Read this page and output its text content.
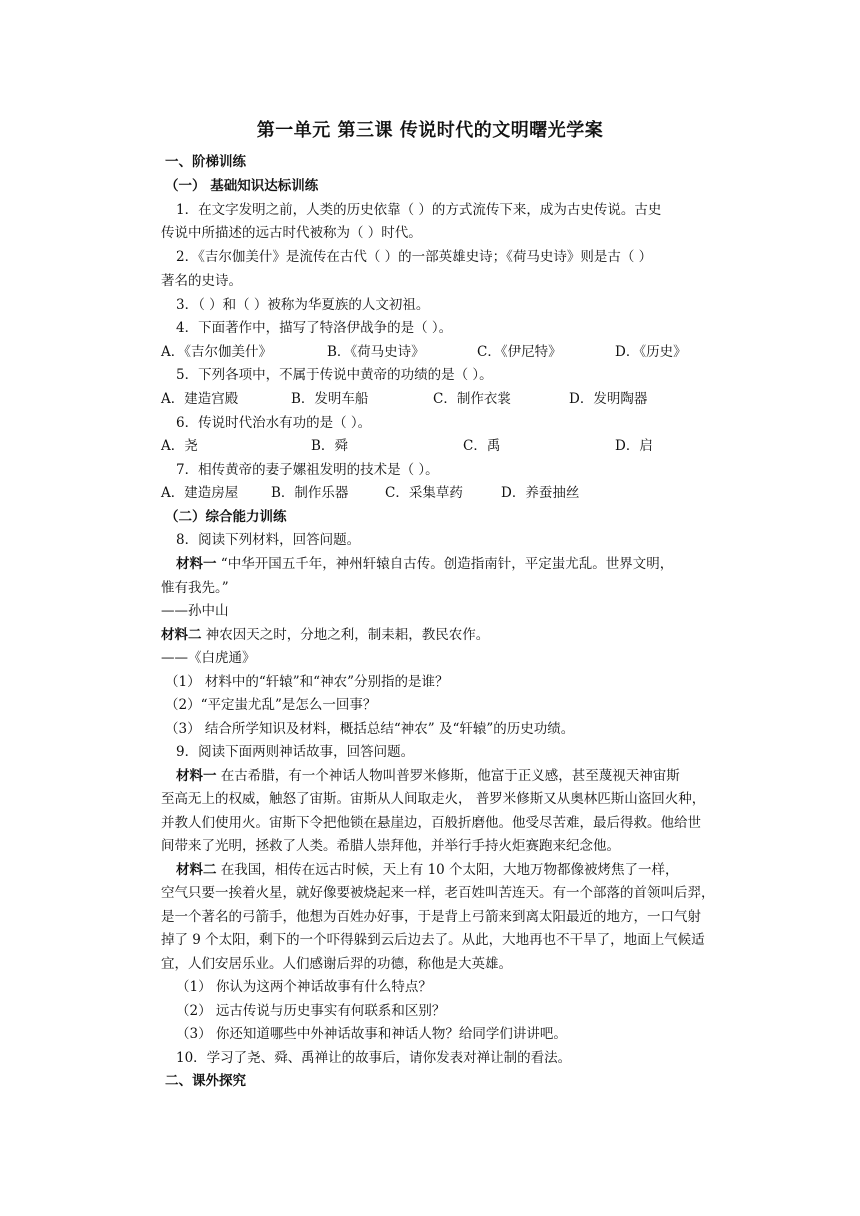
第一单元 第三课 传说时代的文明曙光学案
一、阶梯训练
（一） 基础知识达标训练
1．在文字发明之前，人类的历史依靠（ ）的方式流传下来，成为古史传说。古史
传说中所描述的远古时代被称为（ ）时代。
2．《吉尔伽美什》是流传在古代（ ）的一部英雄史诗；《荷马史诗》则是古（ ）
著名的史诗。
3．（ ）和（ ）被称为华夏族的人文初祖。
4．下面著作中，描写了特洛伊战争的是（ ）。
A．《吉尔伽美什》	B．《荷马史诗》	C．《伊尼特》	D．《历史》
5．下列各项中，不属于传说中黄帝的功绩的是（ ）。
A．建造宫殿	B．发明车船	C．制作衣裳	D．发明陶器
6．传说时代治水有功的是（ ）。
A．尧	B．舜	C．禹	D．启
7．相传黄帝的妻子嫘祖发明的技术是（ ）。
A．建造房屋 B．制作乐器	C．采集草药	D．养蚕抽丝
（二）综合能力训练
8．阅读下列材料，回答问题。
材料一 “中华开国五千年，神州轩辕自古传。创造指南针，平定蚩尤乱。世界文明，
惟有我先。”
——孙中山
材料二 神农因天之时，分地之利，制耒耜，教民农作。
——《白虎通》
（1） 材料中的“轩辕”和“神农”分别指的是谁？
（2）“平定蚩尤乱”是怎么一回事？
（3） 结合所学知识及材料，概括总结“神农” 及“轩辕”的历史功绩。
9．阅读下面两则神话故事，回答问题。
材料一 在古希腊，有一个神话人物叫普罗米修斯，他富于正义感，甚至蔑视天神宙斯
至高无上的权威，触怒了宙斯。宙斯从人间取走火， 普罗米修斯又从奥林匹斯山盗回火种，
并教人们使用火。宙斯下令把他锁在悬崖边，百般折磨他。他受尽苦难，最后得救。他给世
间带来了光明，拯救了人类。希腊人崇拜他，并举行手持火炬赛跑来纪念他。
材料二 在我国，相传在远古时候，天上有 10 个太阳，大地万物都像被烤焦了一样，
空气只要一挨着火星，就好像要被烧起来一样，老百姓叫苦连天。有一个部落的首领叫后羿，
是一个著名的弓箭手，他想为百姓办好事，于是背上弓箭来到离太阳最近的地方，一口气射
掉了 9 个太阳，剩下的一个吓得躲到云后边去了。从此，大地再也不干旱了，地面上气候适
宜，人们安居乐业。人们感谢后羿的功德，称他是大英雄。
（1） 你认为这两个神话故事有什么特点？
（2） 远古传说与历史事实有何联系和区别？
（3） 你还知道哪些中外神话故事和神话人物？给同学们讲讲吧。
10．学习了尧、舜、禹禅让的故事后，请你发表对禅让制的看法。
二、课外探究
